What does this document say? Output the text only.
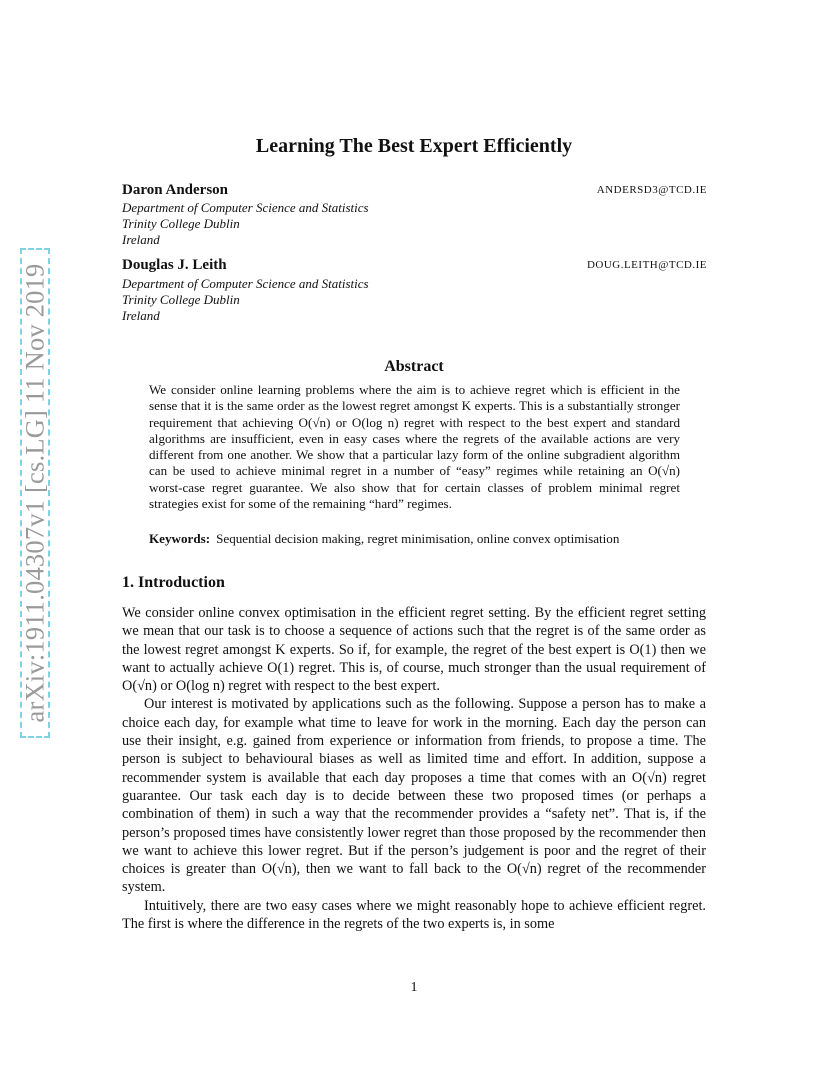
arXiv:1911.04307v1 [cs.LG] 11 Nov 2019
Learning The Best Expert Efficiently
Daron Anderson	ANDERSD3@TCD.IE
Department of Computer Science and Statistics
Trinity College Dublin
Ireland
Douglas J. Leith	DOUG.LEITH@TCD.IE
Department of Computer Science and Statistics
Trinity College Dublin
Ireland
Abstract
We consider online learning problems where the aim is to achieve regret which is efficient in the sense that it is the same order as the lowest regret amongst K experts. This is a substantially stronger requirement that achieving O(√n) or O(log n) regret with respect to the best expert and standard algorithms are insufficient, even in easy cases where the regrets of the available actions are very different from one another. We show that a particular lazy form of the online subgradient algorithm can be used to achieve minimal regret in a number of “easy” regimes while retaining an O(√n) worst-case regret guarantee. We also show that for certain classes of problem minimal regret strategies exist for some of the remaining “hard” regimes.
Keywords: Sequential decision making, regret minimisation, online convex optimisation
1. Introduction

We consider online convex optimisation in the efficient regret setting. By the efficient regret setting we mean that our task is to choose a sequence of actions such that the regret is of the same order as the lowest regret amongst K experts. So if, for example, the regret of the best expert is O(1) then we want to actually achieve O(1) regret. This is, of course, much stronger than the usual requirement of O(√n) or O(log n) regret with respect to the best expert.

Our interest is motivated by applications such as the following. Suppose a person has to make a choice each day, for example what time to leave for work in the morning. Each day the person can use their insight, e.g. gained from experience or information from friends, to propose a time. The person is subject to behavioural biases as well as limited time and effort. In addition, suppose a recommender system is available that each day proposes a time that comes with an O(√n) regret guarantee. Our task each day is to decide between these two proposed times (or perhaps a combination of them) in such a way that the recommender provides a “safety net”. That is, if the person’s proposed times have consistently lower regret than those proposed by the recommender then we want to achieve this lower regret. But if the person’s judgement is poor and the regret of their choices is greater than O(√n), then we want to fall back to the O(√n) regret of the recommender system.

Intuitively, there are two easy cases where we might reasonably hope to achieve efficient regret. The first is where the difference in the regrets of the two experts is, in some

1
